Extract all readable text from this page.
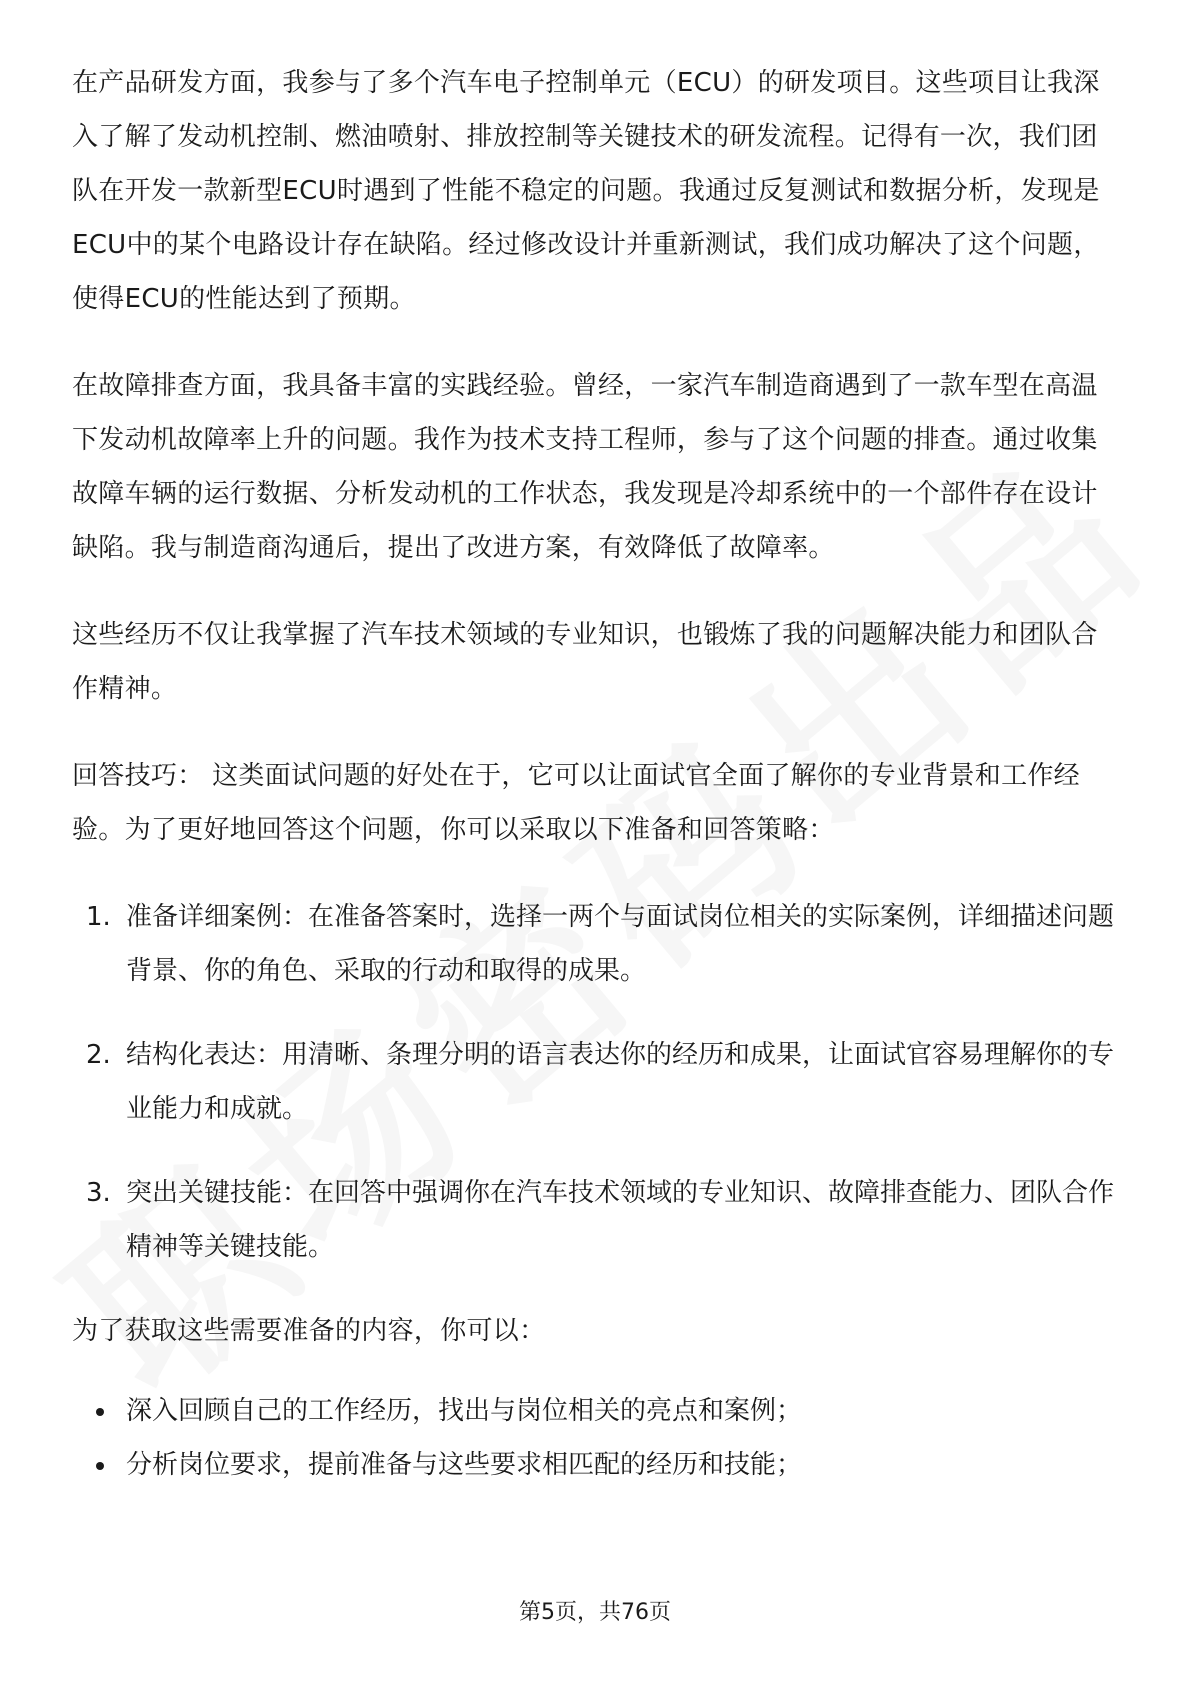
在产品研发方面，我参与了多个汽车电子控制单元（ECU）的研发项目。这些项目让我深入了解了发动机控制、燃油喷射、排放控制等关键技术的研发流程。记得有一次，我们团队在开发一款新型ECU时遇到了性能不稳定的问题。我通过反复测试和数据分析，发现是ECU中的某个电路设计存在缺陷。经过修改设计并重新测试，我们成功解决了这个问题，使得ECU的性能达到了预期。

在故障排查方面，我具备丰富的实践经验。曾经，一家汽车制造商遇到了一款车型在高温下发动机故障率上升的问题。我作为技术支持工程师，参与了这个问题的排查。通过收集故障车辆的运行数据、分析发动机的工作状态，我发现是冷却系统中的一个部件存在设计缺陷。我与制造商沟通后，提出了改进方案，有效降低了故障率。

这些经历不仅让我掌握了汽车技术领域的专业知识，也锻炼了我的问题解决能力和团队合作精神。

回答技巧： 这类面试问题的好处在于，它可以让面试官全面了解你的专业背景和工作经验。为了更好地回答这个问题，你可以采取以下准备和回答策略：

1. 准备详细案例：在准备答案时，选择一两个与面试岗位相关的实际案例，详细描述问题背景、你的角色、采取的行动和取得的成果。
2. 结构化表达：用清晰、条理分明的语言表达你的经历和成果，让面试官容易理解你的专业能力和成就。
3. 突出关键技能：在回答中强调你在汽车技术领域的专业知识、故障排查能力、团队合作精神等关键技能。

为了获取这些需要准备的内容，你可以：

深入回顾自己的工作经历，找出与岗位相关的亮点和案例；
分析岗位要求，提前准备与这些要求相匹配的经历和技能；
第5页，共76页
